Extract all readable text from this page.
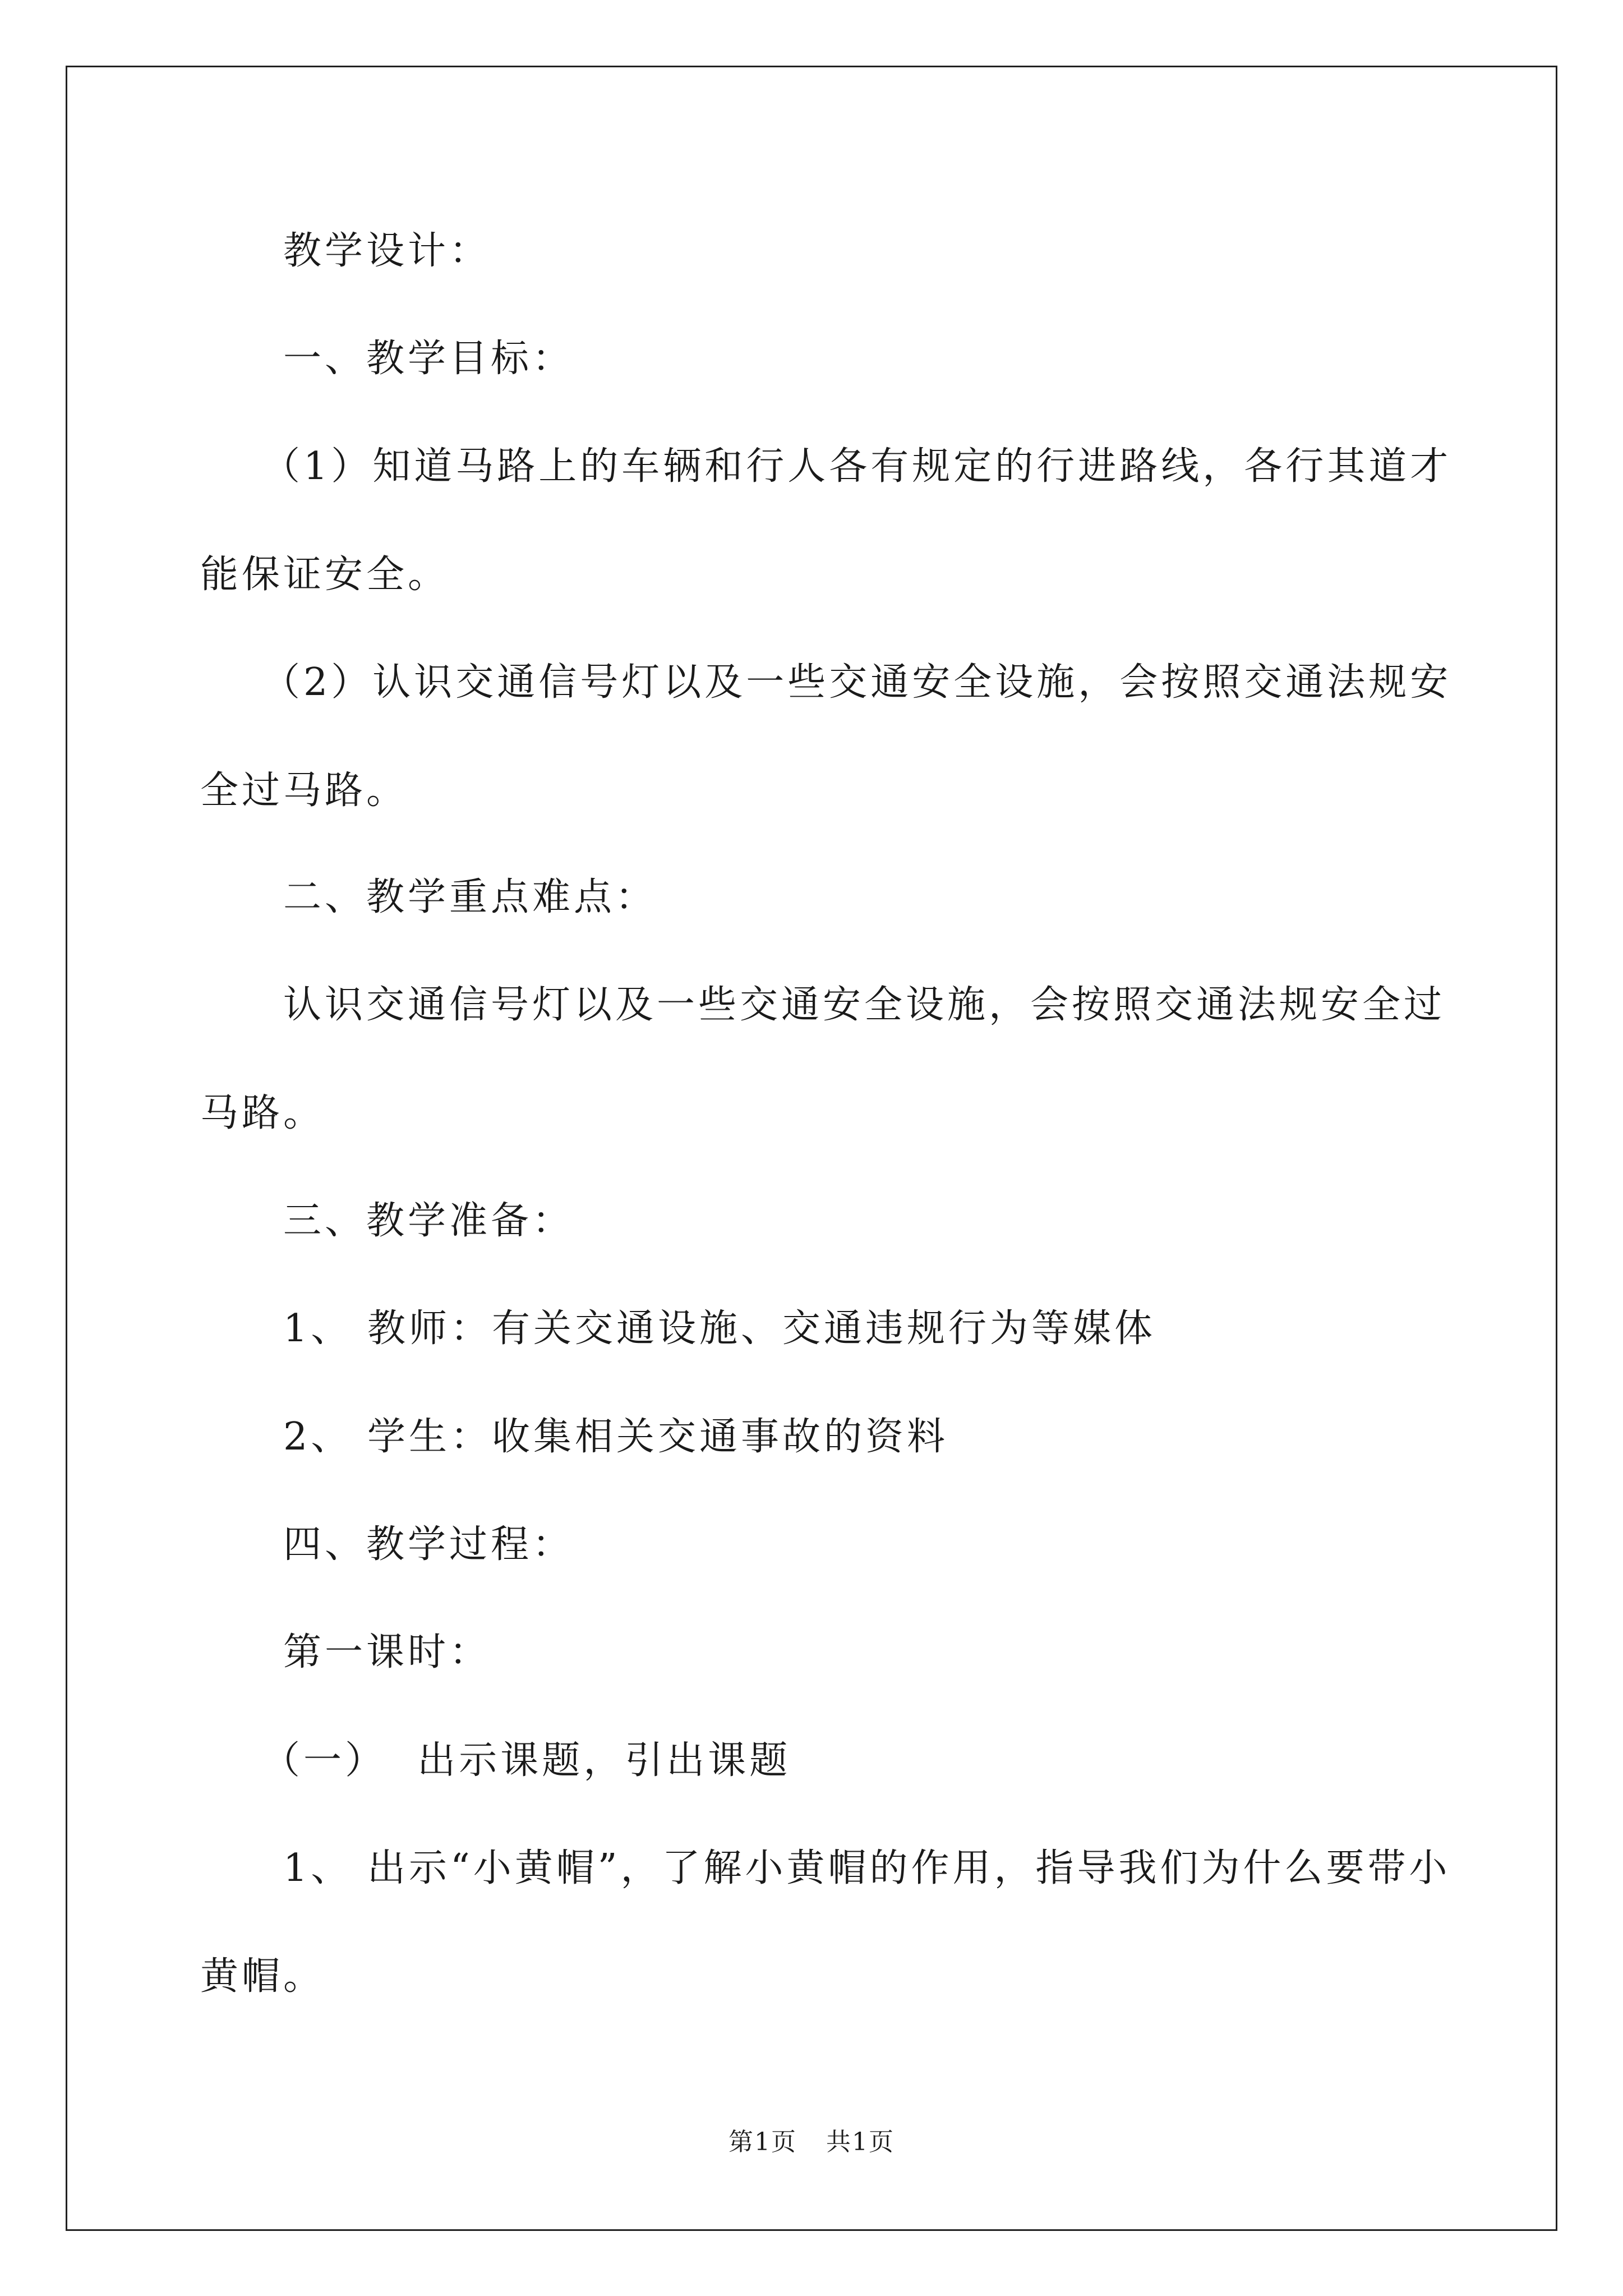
教学设计：
一、教学目标：
（1）知道马路上的车辆和行人各有规定的行进路线，各行其道才
能保证安全。
（2）认识交通信号灯以及一些交通安全设施，会按照交通法规安
全过马路。
二、教学重点难点：
认识交通信号灯以及一些交通安全设施，会按照交通法规安全过
马路。
三、教学准备：
1、 教师：有关交通设施、交通违规行为等媒体
2、 学生：收集相关交通事故的资料
四、教学过程：
第一课时：
（一）  出示课题，引出课题
1、 出示“小黄帽”，了解小黄帽的作用，指导我们为什么要带小
黄帽。
第1页 共1页
